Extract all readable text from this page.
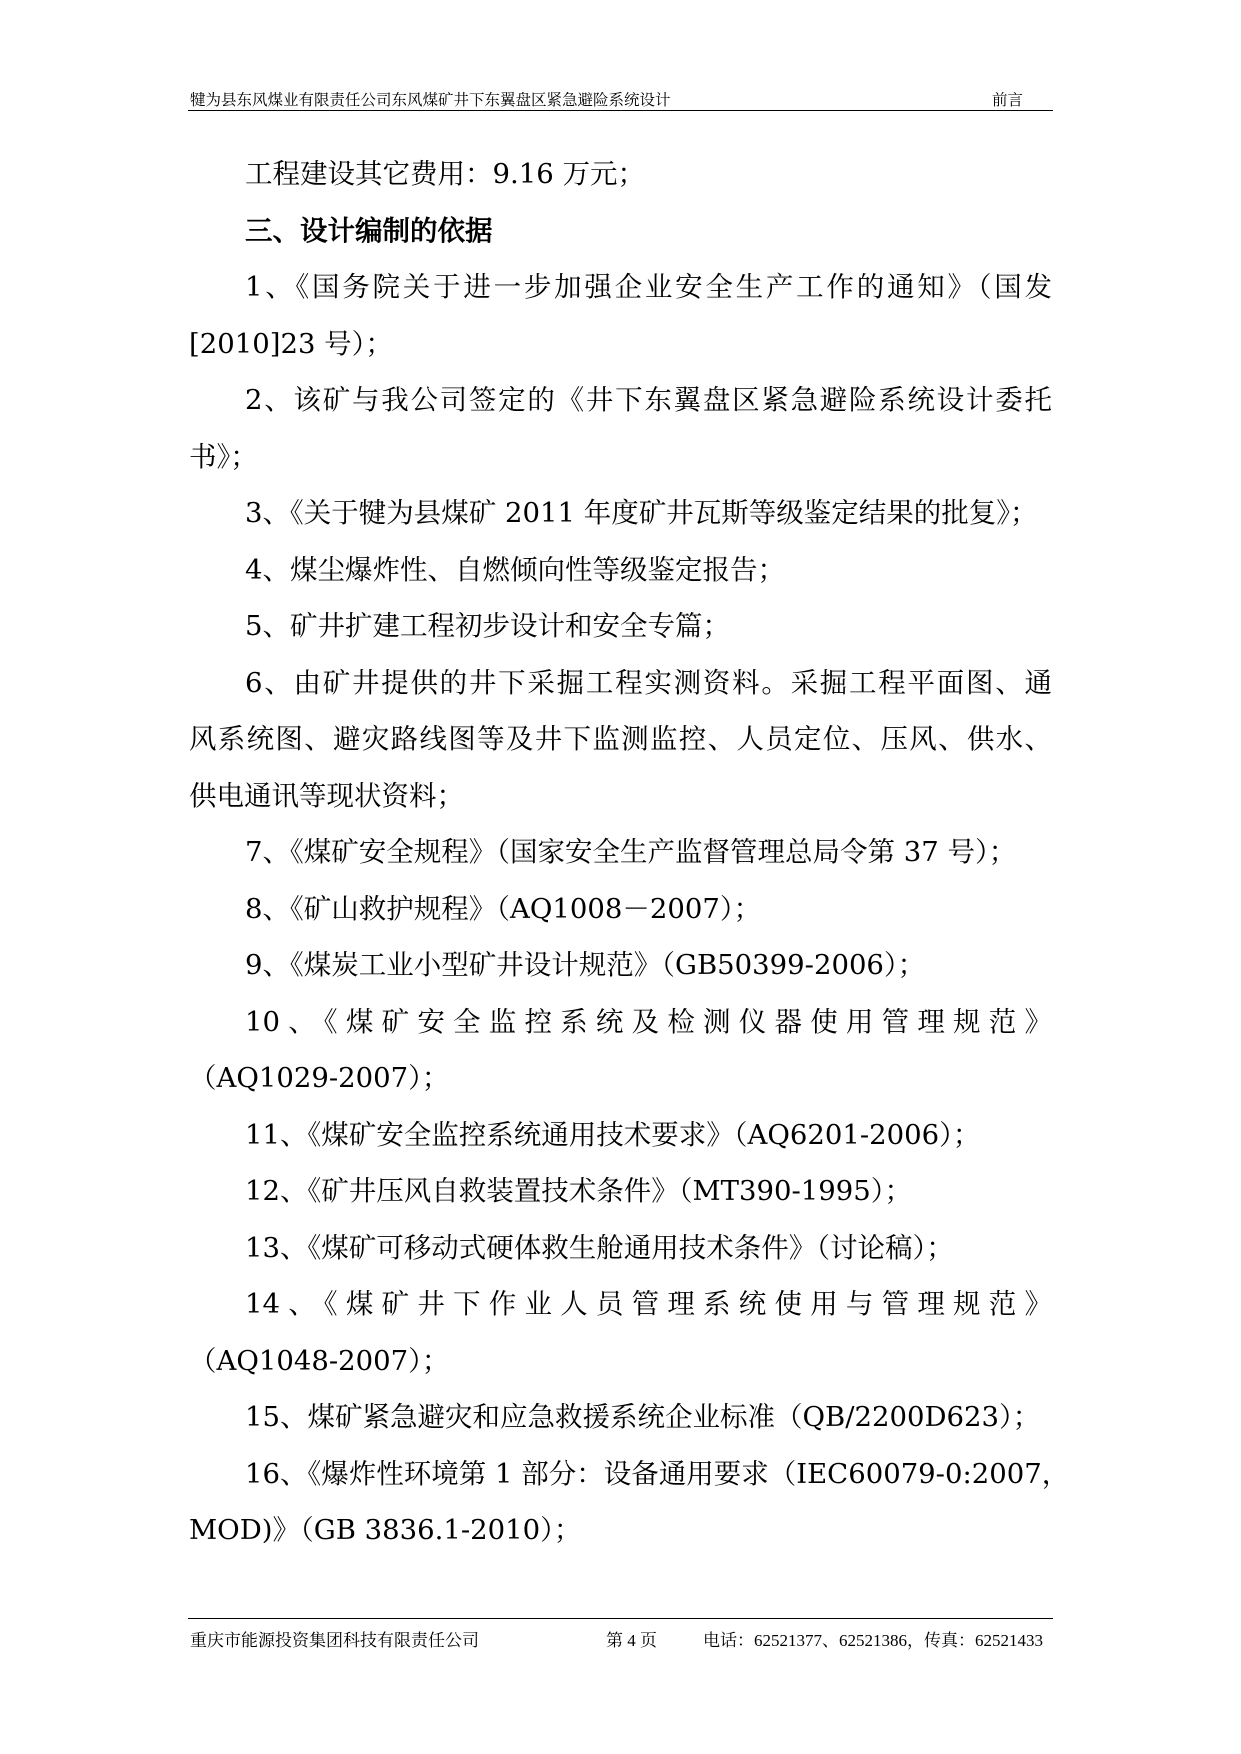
犍为县东风煤业有限责任公司东风煤矿井下东翼盘区紧急避险系统设计	前言
工程建设其它费用：9.16 万元；
三、设计编制的依据
1、《国务院关于进一步加强企业安全生产工作的通知》（国发
[2010]23 号）；
2、该矿与我公司签定的《井下东翼盘区紧急避险系统设计委托
书》；
3、《关于犍为县煤矿 2011 年度矿井瓦斯等级鉴定结果的批复》；
4、煤尘爆炸性、自燃倾向性等级鉴定报告；
5、矿井扩建工程初步设计和安全专篇；
6、由矿井提供的井下采掘工程实测资料。采掘工程平面图、通
风系统图、避灾路线图等及井下监测监控、人员定位、压风、供水、
供电通讯等现状资料；
7、《煤矿安全规程》（国家安全生产监督管理总局令第 37 号）；
8、《矿山救护规程》（AQ1008－2007）；
9、《煤炭工业小型矿井设计规范》（GB50399-2006）；
10、《煤矿安全监控系统及检测仪器使用管理规范》
（AQ1029-2007）；
11、《煤矿安全监控系统通用技术要求》（AQ6201-2006）；
12、《矿井压风自救装置技术条件》（MT390-1995）；
13、《煤矿可移动式硬体救生舱通用技术条件》（讨论稿）；
14、《煤矿井下作业人员管理系统使用与管理规范》
（AQ1048-2007）；
15、煤矿紧急避灾和应急救援系统企业标准（QB/2200D623）；
16、《爆炸性环境第 1 部分：设备通用要求（IEC60079-0:2007，
MOD)》（GB 3836.1-2010）；
重庆市能源投资集团科技有限责任公司	第 4 页	电话：62521377、62521386，传真：62521433
